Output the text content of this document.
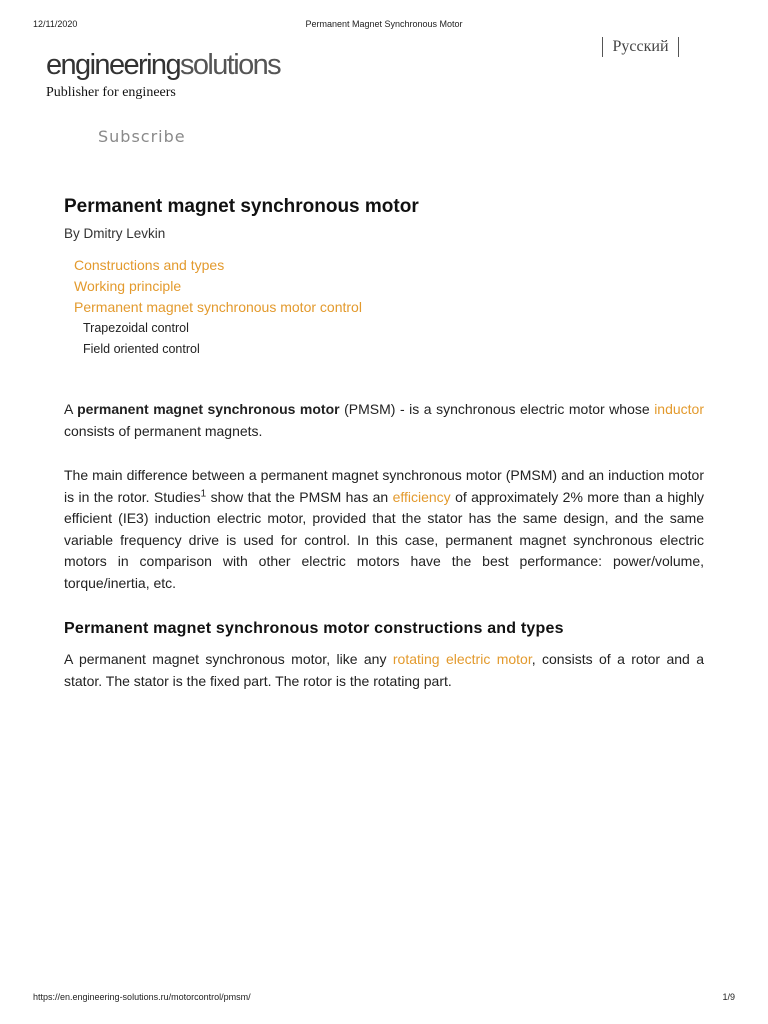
12/11/2020	Permanent Magnet Synchronous Motor
Русский
engineeringsolutions
Publisher for engineers
Subscribe
Permanent magnet synchronous motor
By Dmitry Levkin
Constructions and types
Working principle
Permanent magnet synchronous motor control
Trapezoidal control
Field oriented control

A permanent magnet synchronous motor (PMSM) - is a synchronous electric motor whose inductor consists of permanent magnets.

The main difference between a permanent magnet synchronous motor (PMSM) and an induction motor is in the rotor. Studies$^1$ show that the PMSM has an efficiency of approximately 2% more than a highly efficient (IE3) induction electric motor, provided that the stator has the same design, and the same variable frequency drive is used for control. In this case, permanent magnet synchronous electric motors in comparison with other electric motors have the best performance: power/volume, torque/inertia, etc.

Permanent magnet synchronous motor constructions and types

A permanent magnet synchronous motor, like any rotating electric motor, consists of a rotor and a stator. The stator is the fixed part. The rotor is the rotating part.

https://en.engineering-solutions.ru/motorcontrol/pmsm/	1/9
